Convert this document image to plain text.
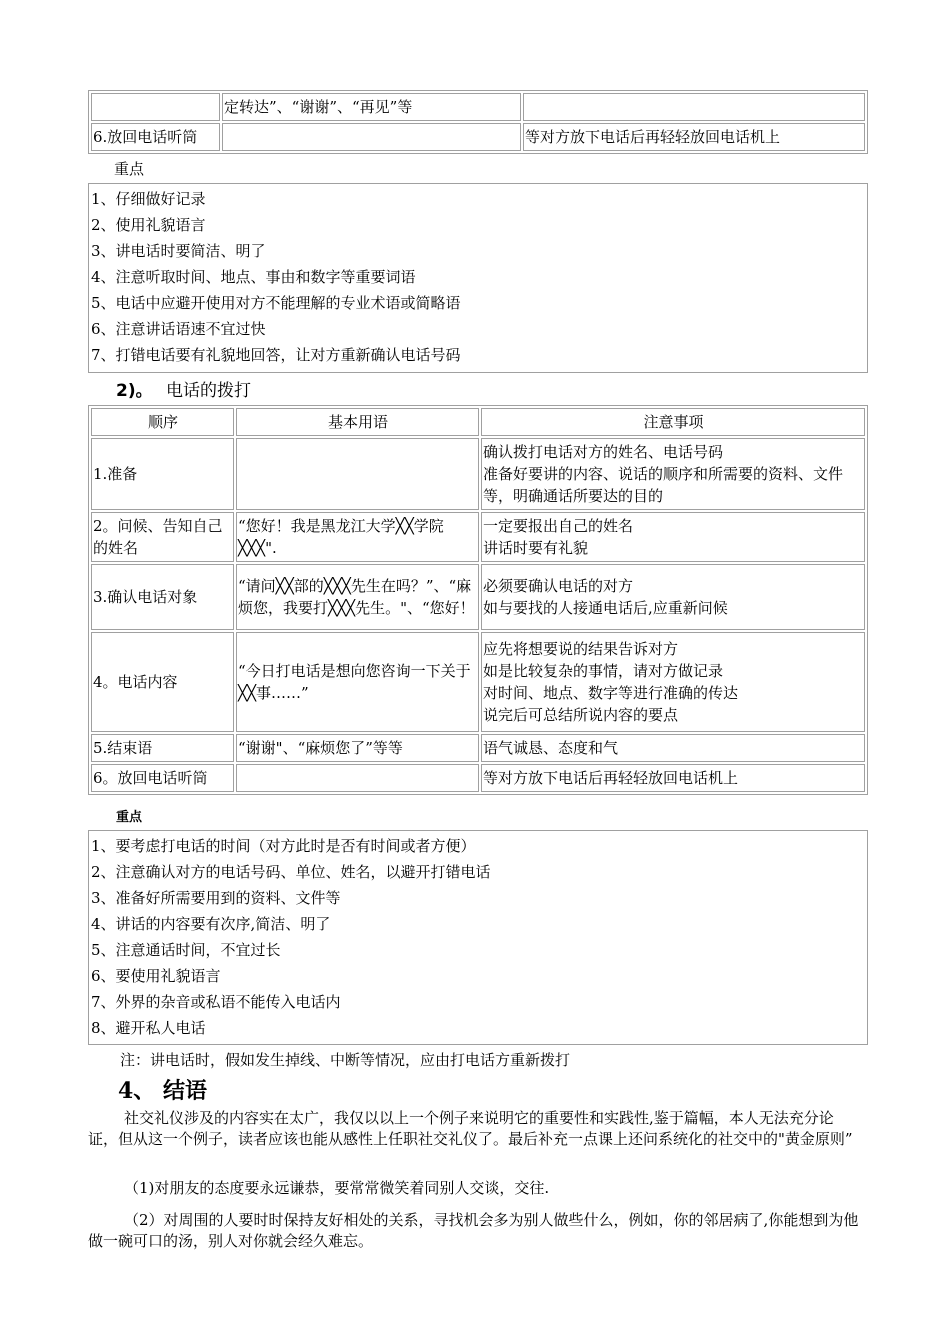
	定转达”、“谢谢”、“再见”等	
6.放回电话听筒		等对方放下电话后再轻轻放回电话机上
重点
1、仔细做好记录
2、使用礼貌语言
3、讲电话时要简洁、明了
4、注意听取时间、地点、事由和数字等重要词语
5、电话中应避开使用对方不能理解的专业术语或简略语
6、注意讲话语速不宜过快
7、打错电话要有礼貌地回答，让对方重新确认电话号码
2)。 电话的拨打
顺序	基本用语	注意事项
1.准备		确认拨打电话对方的姓名、电话号码
准备好要讲的内容、说话的顺序和所需要的资料、文件等，明确通话所要达的目的

2。问候、告知自己的姓名	“您好！我是黑龙江大学╳╳学院╳╳╳".	一定要报出自己的姓名
讲话时要有礼貌

3.确认电话对象	“请问╳╳部的╳╳╳先生在吗？”、“麻烦您，我要打╳╳╳先生。"、“您好！	必须要确认电话的对方
如与要找的人接通电话后,应重新问候

4。电话内容	“今日打电话是想向您咨询一下关于╳╳事……”	应先将想要说的结果告诉对方
如是比较复杂的事情，请对方做记录
对时间、地点、数字等进行准确的传达
说完后可总结所说内容的要点

5.结束语	“谢谢"、“麻烦您了”等等	语气诚恳、态度和气

6。放回电话听筒		等对方放下电话后再轻轻放回电话机上
重点
1、要考虑打电话的时间（对方此时是否有时间或者方便）
2、注意确认对方的电话号码、单位、姓名，以避开打错电话
3、准备好所需要用到的资料、文件等
4、讲话的内容要有次序,简洁、明了
5、注意通话时间，不宜过长
6、要使用礼貌语言
7、外界的杂音或私语不能传入电话内
8、避开私人电话
注：讲电话时，假如发生掉线、中断等情况，应由打电话方重新拨打
4、 结语
社交礼仪涉及的内容实在太广，我仅以以上一个例子来说明它的重要性和实践性,鉴于篇幅，本人无法充分论证，但从这一个例子，读者应该也能从感性上任职社交礼仪了。最后补充一点课上还问系统化的社交中的"黄金原则”
（1)对朋友的态度要永远谦恭，要常常微笑着同别人交谈，交往.
（2）对周围的人要时时保持友好相处的关系，寻找机会多为别人做些什么，例如，你的邻居病了,你能想到为他做一碗可口的汤，别人对你就会经久难忘。
